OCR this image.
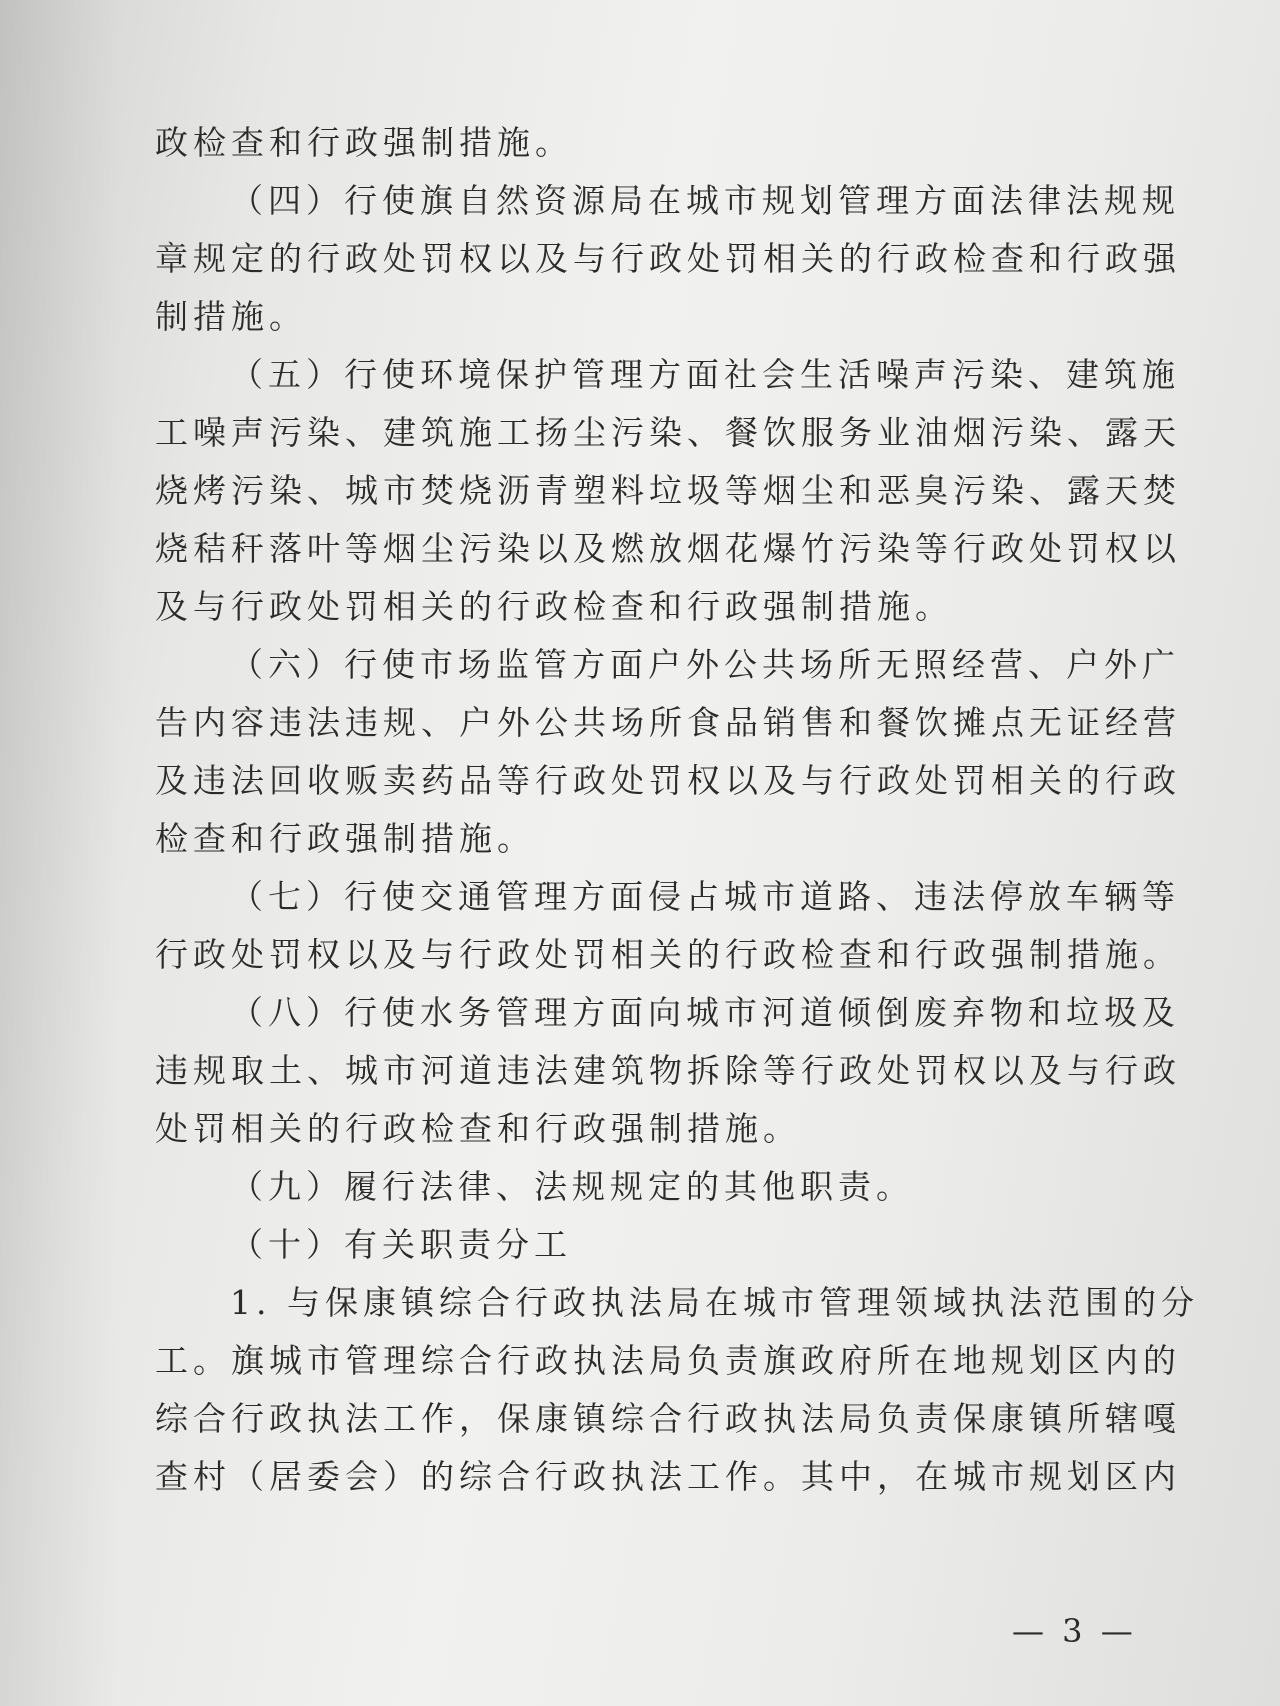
政检查和行政强制措施。
（四）行使旗自然资源局在城市规划管理方面法律法规规
章规定的行政处罚权以及与行政处罚相关的行政检查和行政强
制措施。
（五）行使环境保护管理方面社会生活噪声污染、建筑施
工噪声污染、建筑施工扬尘污染、餐饮服务业油烟污染、露天
烧烤污染、城市焚烧沥青塑料垃圾等烟尘和恶臭污染、露天焚
烧秸秆落叶等烟尘污染以及燃放烟花爆竹污染等行政处罚权以
及与行政处罚相关的行政检查和行政强制措施。
（六）行使市场监管方面户外公共场所无照经营、户外广
告内容违法违规、户外公共场所食品销售和餐饮摊点无证经营
及违法回收贩卖药品等行政处罚权以及与行政处罚相关的行政
检查和行政强制措施。
（七）行使交通管理方面侵占城市道路、违法停放车辆等
行政处罚权以及与行政处罚相关的行政检查和行政强制措施。
（八）行使水务管理方面向城市河道倾倒废弃物和垃圾及
违规取土、城市河道违法建筑物拆除等行政处罚权以及与行政
处罚相关的行政检查和行政强制措施。
（九）履行法律、法规规定的其他职责。
（十）有关职责分工
1. 与保康镇综合行政执法局在城市管理领域执法范围的分
工。旗城市管理综合行政执法局负责旗政府所在地规划区内的
综合行政执法工作，保康镇综合行政执法局负责保康镇所辖嘎
查村（居委会）的综合行政执法工作。其中，在城市规划区内
— 3 —
